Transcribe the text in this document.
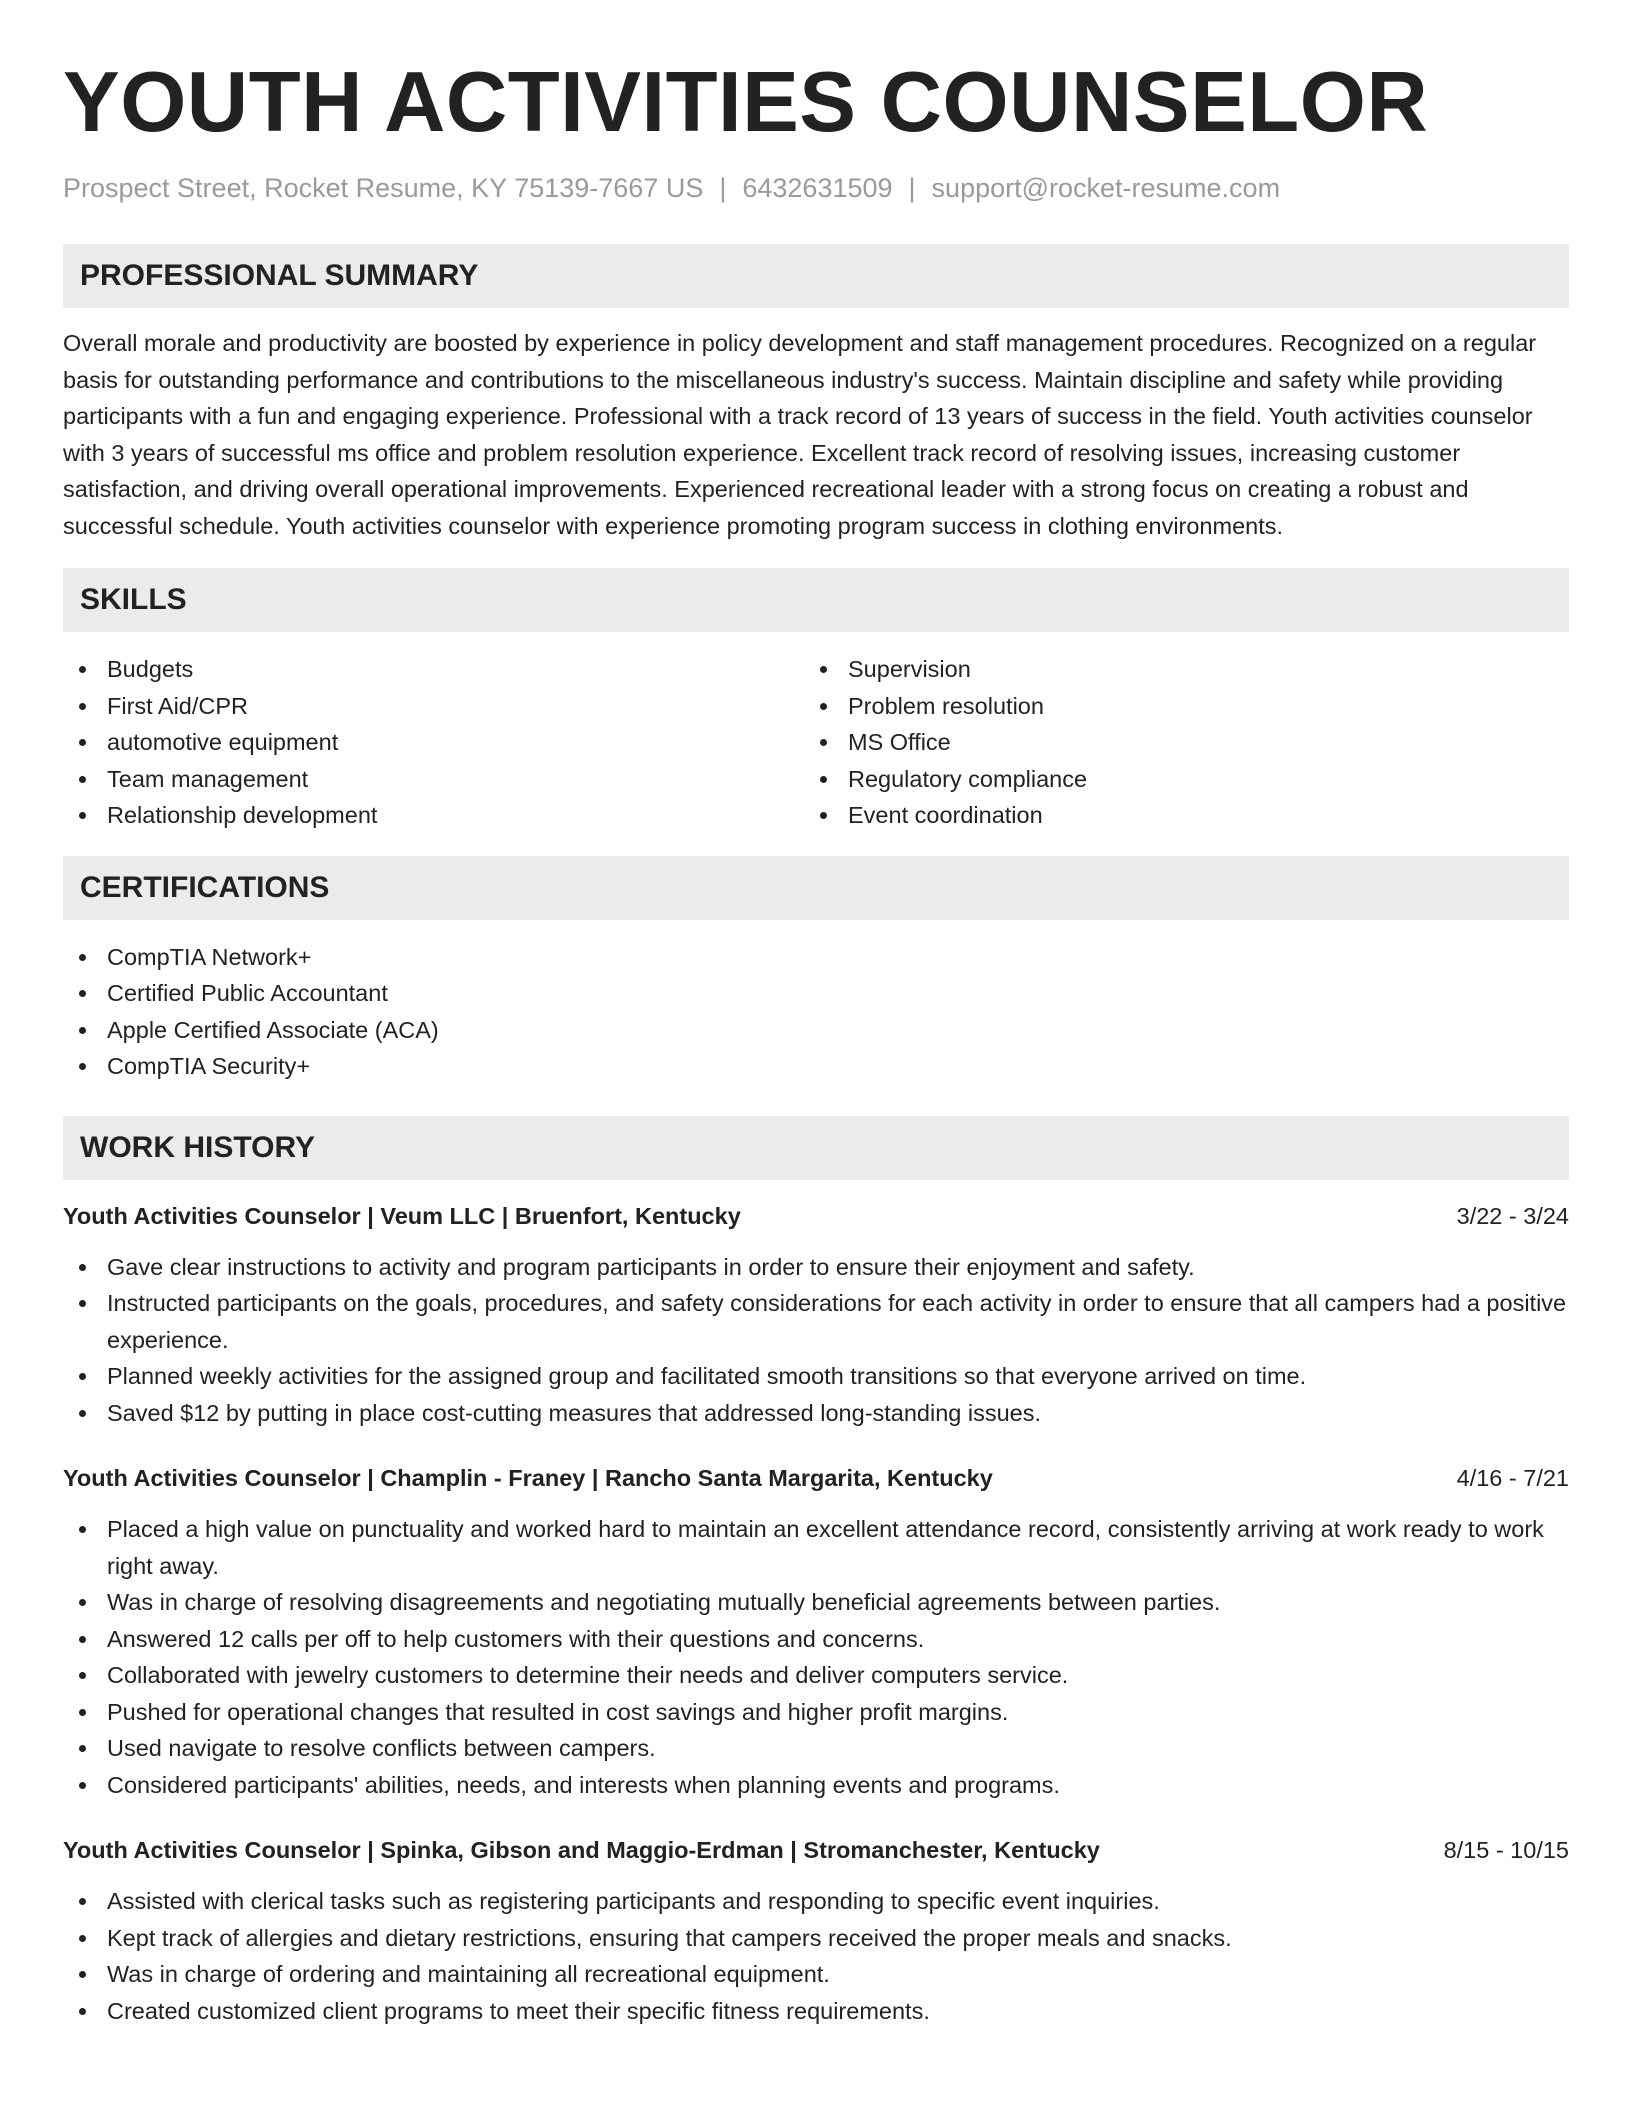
YOUTH ACTIVITIES COUNSELOR
Prospect Street, Rocket Resume, KY 75139-7667 US | 6432631509 | support@rocket-resume.com
PROFESSIONAL SUMMARY

Overall morale and productivity are boosted by experience in policy development and staff management procedures. Recognized on a regular basis for outstanding performance and contributions to the miscellaneous industry's success. Maintain discipline and safety while providing participants with a fun and engaging experience. Professional with a track record of 13 years of success in the field. Youth activities counselor with 3 years of successful ms office and problem resolution experience. Excellent track record of resolving issues, increasing customer satisfaction, and driving overall operational improvements. Experienced recreational leader with a strong focus on creating a robust and successful schedule. Youth activities counselor with experience promoting program success in clothing environments.

SKILLS
Budgets
First Aid/CPR
automotive equipment
Team management
Relationship development
Supervision
Problem resolution
MS Office
Regulatory compliance
Event coordination
CERTIFICATIONS
CompTIA Network+
Certified Public Accountant
Apple Certified Associate (ACA)
CompTIA Security+
WORK HISTORY
Youth Activities Counselor | Veum LLC | Bruenfort, Kentucky	3/22 - 3/24
Gave clear instructions to activity and program participants in order to ensure their enjoyment and safety.
Instructed participants on the goals, procedures, and safety considerations for each activity in order to ensure that all campers had a positive experience.
Planned weekly activities for the assigned group and facilitated smooth transitions so that everyone arrived on time.
Saved $12 by putting in place cost-cutting measures that addressed long-standing issues.
Youth Activities Counselor | Champlin - Franey | Rancho Santa Margarita, Kentucky	4/16 - 7/21
Placed a high value on punctuality and worked hard to maintain an excellent attendance record, consistently arriving at work ready to work right away.
Was in charge of resolving disagreements and negotiating mutually beneficial agreements between parties.
Answered 12 calls per off to help customers with their questions and concerns.
Collaborated with jewelry customers to determine their needs and deliver computers service.
Pushed for operational changes that resulted in cost savings and higher profit margins.
Used navigate to resolve conflicts between campers.
Considered participants' abilities, needs, and interests when planning events and programs.
Youth Activities Counselor | Spinka, Gibson and Maggio-Erdman | Stromanchester, Kentucky	8/15 - 10/15
Assisted with clerical tasks such as registering participants and responding to specific event inquiries.
Kept track of allergies and dietary restrictions, ensuring that campers received the proper meals and snacks.
Was in charge of ordering and maintaining all recreational equipment.
Created customized client programs to meet their specific fitness requirements.
